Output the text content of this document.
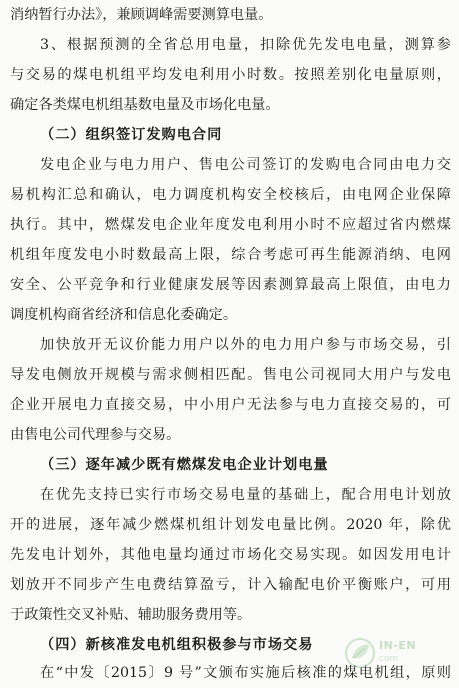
消纳暂行办法》，兼顾调峰需要测算电量。
3、根据预测的全省总用电量，扣除优先发电电量，测算参
与交易的煤电机组平均发电利用小时数。按照差别化电量原则，
确定各类煤电机组基数电量及市场化电量。
（二）组织签订发购电合同
发电企业与电力用户、售电公司签订的发购电合同由电力交
易机构汇总和确认，电力调度机构安全校核后，由电网企业保障
执行。其中，燃煤发电企业年度发电利用小时不应超过省内燃煤
机组年度发电小时数最高上限，综合考虑可再生能源消纳、电网
安全、公平竞争和行业健康发展等因素测算最高上限值，由电力
调度机构商省经济和信息化委确定。
加快放开无议价能力用户以外的电力用户参与市场交易，引
导发电侧放开规模与需求侧相匹配。售电公司视同大用户与发电
企业开展电力直接交易，中小用户无法参与电力直接交易的，可
由售电公司代理参与交易。
（三）逐年减少既有燃煤发电企业计划电量
在优先支持已实行市场交易电量的基础上，配合用电计划放
开的进展，逐年减少燃煤机组计划发电量比例。2020 年，除优
先发电计划外，其他电量均通过市场化交易实现。如因发用电计
划放开不同步产生电费结算盈亏，计入输配电价平衡账户，可用
于政策性交叉补贴、辅助服务费用等。
（四）新核准发电机组积极参与市场交易
在“中发〔2015〕9 号”文颁布实施后核准的煤电机组，原则
IN-EN
com
